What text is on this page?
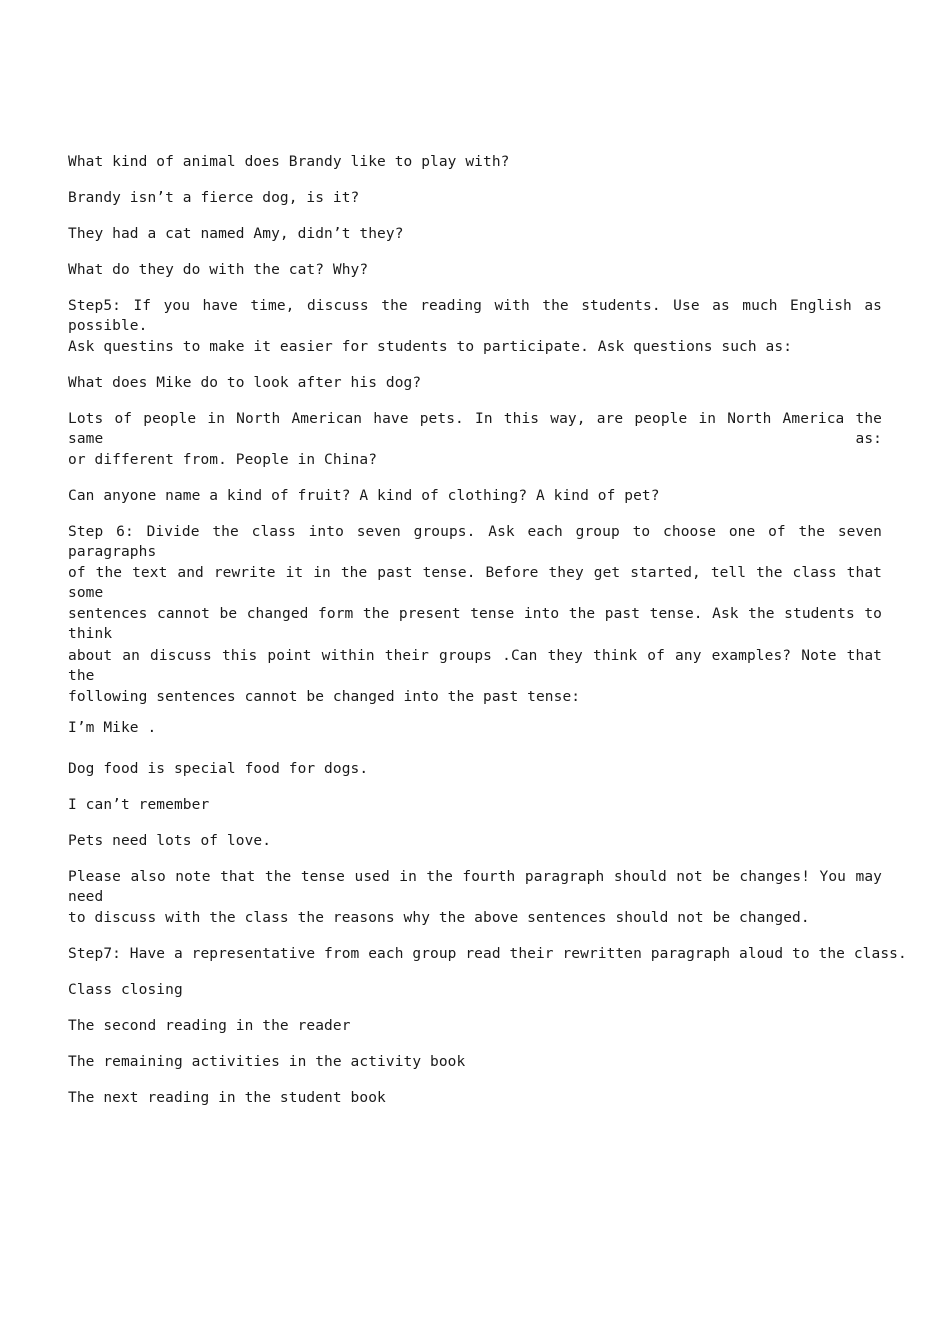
What kind of animal does Brandy like to play with?
Brandy isn’t a fierce dog, is it?
They had a cat named Amy, didn’t they?
What do they do with the cat? Why?
Step5: If you have time, discuss the reading with the students. Use as much English as possible.
Ask questins to make it easier for students to participate. Ask questions such as:
What does Mike do to look after his dog?
Lots of people in North American have pets. In this way, are people in North America the same as:
or different from. People in China?
Can anyone name a kind of fruit? A kind of clothing? A kind of pet?
Step 6: Divide the class into seven groups. Ask each group to choose one of the seven paragraphs
of the text and rewrite it in the past tense. Before they get started, tell the class that some
sentences cannot be changed form the present tense into the past tense. Ask the students to think
about an discuss this point within their groups .Can they think of any examples? Note that the
following sentences cannot be changed into the past tense:
I’m Mike .
Dog food is special food for dogs.
I can’t remember
Pets need lots of love.
Please also note that the tense used in the fourth paragraph should not be changes! You may need
to discuss with the class the reasons why the above sentences should not be changed.
Step7: Have a representative from each group read their rewritten paragraph aloud to the class.
Class closing
The second reading in the reader
The remaining activities in the activity book
The next reading in the student book
